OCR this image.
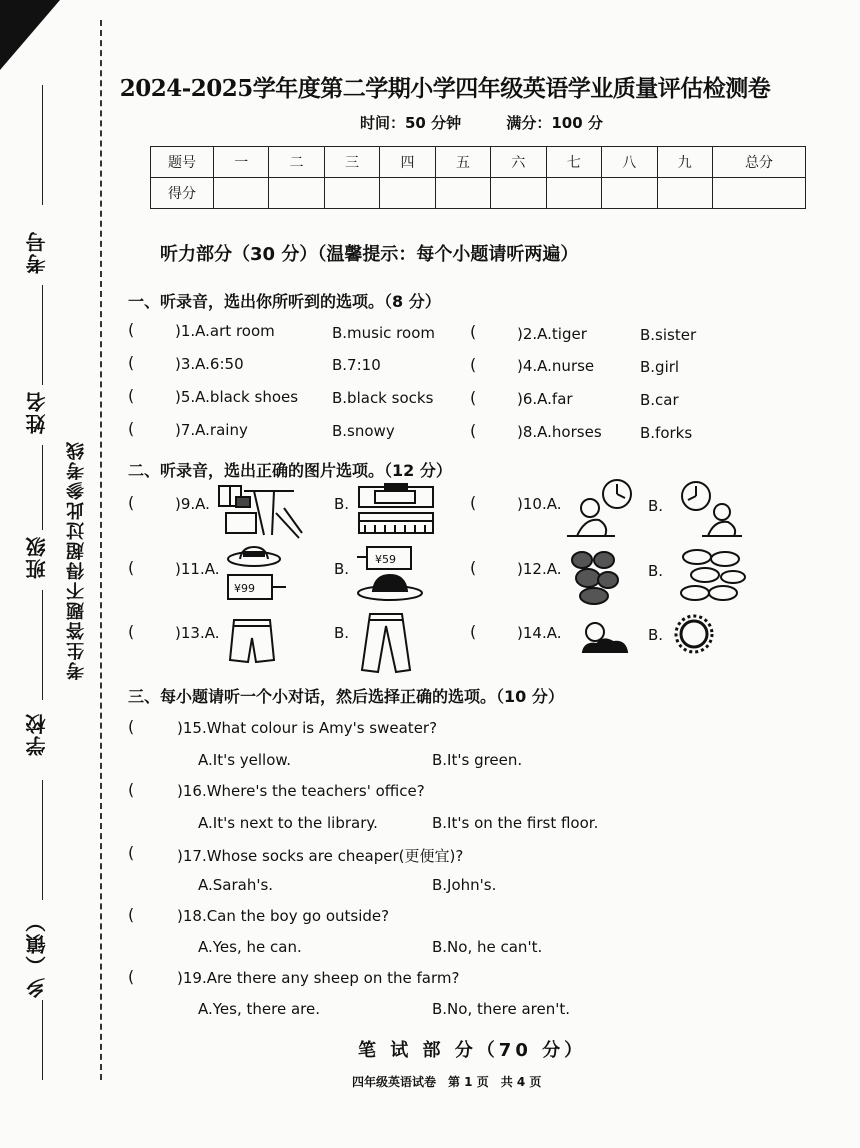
考号
姓名
班级
学校
乡（镇）
考生答题不得超过此参考线
2024-2025学年度第二学期小学四年级英语学业质量评估检测卷
时间：50 分钟	满分：100 分
题号	一	二	三	四	五	六	七	八	九	总分
得分										
听力部分（30 分）（温馨提示：每个小题请听两遍）
一、听录音，选出你所听到的选项。（8 分）
(	)1.A.art room	B.music room (	)2.A.tiger	B.sister
(	)3.A.6:50	B.7:10	(	)4.A.nurse	B.girl
(	)5.A.black shoes B.black socks (	)6.A.far	B.car
(	)7.A.rainy	B.snowy	(	)8.A.horses	B.forks
二、听录音，选出正确的图片选项。（12 分）
(	)9.A.	B.	(	)10.A.	B.
(	)11.A.
¥99
B.
¥59	(	)12.A.	B.
(	)13.A.	B.	(	)14.A.	B.
三、每小题请听一个小对话，然后选择正确的选项。（10 分）
(	)15.What colour is Amy's sweater?
A.It's yellow.	B.It's green.
(	)16.Where's the teachers' office?
A.It's next to the library.	B.It's on the first floor.
(	)17.Whose socks are cheaper(更便宜)?
A.Sarah's.	B.John's.
(	)18.Can the boy go outside?
A.Yes, he can.	B.No, he can't.
(	)19.Are there any sheep on the farm?
A.Yes, there are.	B.No, there aren't.
笔 试 部 分（70 分）
四年级英语试卷　第 1 页　共 4 页
